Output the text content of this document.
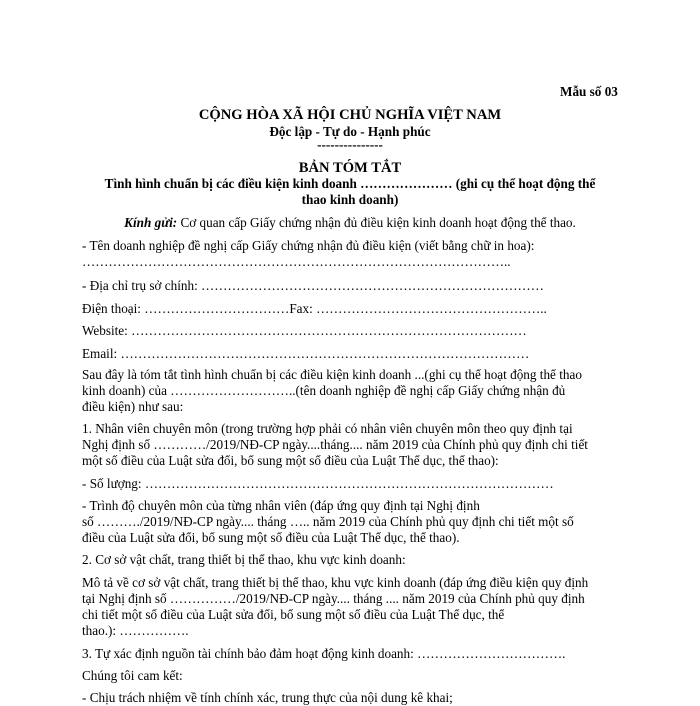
Mẫu số 03
CỘNG HÒA XÃ HỘI CHỦ NGHĨA VIỆT NAM
Độc lập - Tự do - Hạnh phúc
---------------
BẢN TÓM TẮT
Tình hình chuẩn bị các điều kiện kinh doanh ………………… (ghi cụ thể hoạt động thể
thao kinh doanh)
Kính gửi: Cơ quan cấp Giấy chứng nhận đủ điều kiện kinh doanh hoạt động thể thao.
- Tên doanh nghiệp đề nghị cấp Giấy chứng nhận đủ điều kiện (viết bằng chữ in hoa):
……………………………………………………………………………………..
- Địa chỉ trụ sở chính: ……………………………………………………………………
Điện thoại: ……………………………Fax: ……………………………………………..
Website: ………………………………………………………………………………
Email: …………………………………………………………………………………
Sau đây là tóm tắt tình hình chuẩn bị các điều kiện kinh doanh ...(ghi cụ thể hoạt động thể thao
kinh doanh) của ………………………..(tên doanh nghiệp đề nghị cấp Giấy chứng nhận đủ
điều kiện) như sau:
1. Nhân viên chuyên môn (trong trường hợp phải có nhân viên chuyên môn theo quy định tại
Nghị định số …………/2019/NĐ-CP ngày....tháng.... năm 2019 của Chính phủ quy định chi tiết
một số điều của Luật sửa đổi, bổ sung một số điều của Luật Thể dục, thể thao):
- Số lượng: …………………………………………………………………………………
- Trình độ chuyên môn của từng nhân viên (đáp ứng quy định tại Nghị định
số ………./2019/NĐ-CP ngày.... tháng ….. năm 2019 của Chính phủ quy định chi tiết một số
điều của Luật sửa đổi, bổ sung một số điều của Luật Thể dục, thể thao).
2. Cơ sở vật chất, trang thiết bị thể thao, khu vực kinh doanh:
Mô tả về cơ sở vật chất, trang thiết bị thể thao, khu vực kinh doanh (đáp ứng điều kiện quy định
tại Nghị định số ……………/2019/NĐ-CP ngày.... tháng .... năm 2019 của Chính phủ quy định
chi tiết một số điều của Luật sửa đổi, bổ sung một số điều của Luật Thể dục, thể
thao.): …………….
3. Tự xác định nguồn tài chính bảo đảm hoạt động kinh doanh: …………………………….
Chúng tôi cam kết:
- Chịu trách nhiệm về tính chính xác, trung thực của nội dung kê khai;
